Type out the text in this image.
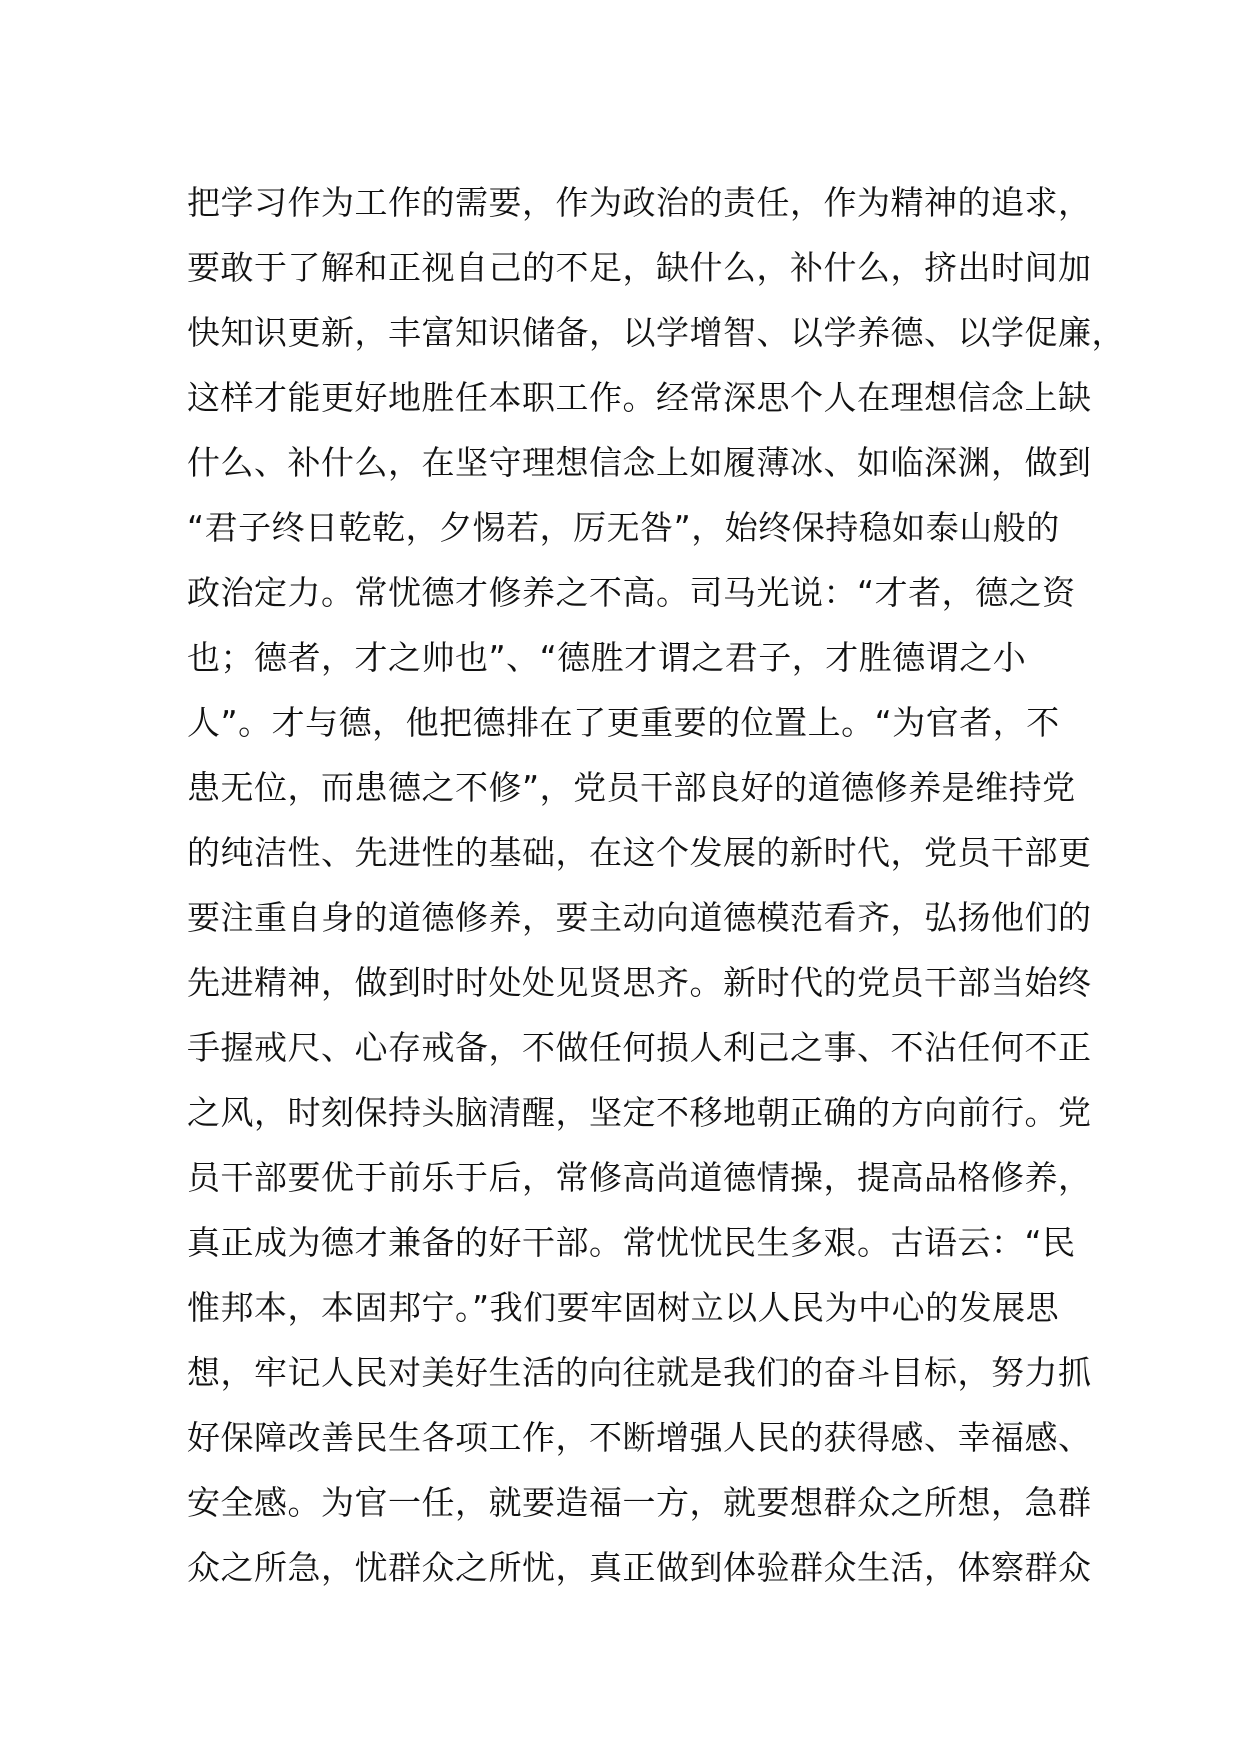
把学习作为工作的需要，作为政治的责任，作为精神的追求，
要敢于了解和正视自己的不足，缺什么，补什么，挤出时间加
快知识更新，丰富知识储备，以学增智、以学养德、以学促廉，
这样才能更好地胜任本职工作。经常深思个人在理想信念上缺
什么、补什么，在坚守理想信念上如履薄冰、如临深渊，做到
“君子终日乾乾，夕惕若，厉无咎”，始终保持稳如泰山般的
政治定力。常忧德才修养之不高。司马光说：“才者，德之资
也；德者，才之帅也”、“德胜才谓之君子，才胜德谓之小
人”。才与德，他把德排在了更重要的位置上。“为官者，不
患无位，而患德之不修”，党员干部良好的道德修养是维持党
的纯洁性、先进性的基础，在这个发展的新时代，党员干部更
要注重自身的道德修养，要主动向道德模范看齐，弘扬他们的
先进精神，做到时时处处见贤思齐。新时代的党员干部当始终
手握戒尺、心存戒备，不做任何损人利己之事、不沾任何不正
之风，时刻保持头脑清醒，坚定不移地朝正确的方向前行。党
员干部要优于前乐于后，常修高尚道德情操，提高品格修养，
真正成为德才兼备的好干部。常忧忧民生多艰。古语云：“民
惟邦本，本固邦宁。”我们要牢固树立以人民为中心的发展思
想，牢记人民对美好生活的向往就是我们的奋斗目标，努力抓
好保障改善民生各项工作，不断增强人民的获得感、幸福感、
安全感。为官一任，就要造福一方，就要想群众之所想，急群
众之所急，忧群众之所忧，真正做到体验群众生活，体察群众
